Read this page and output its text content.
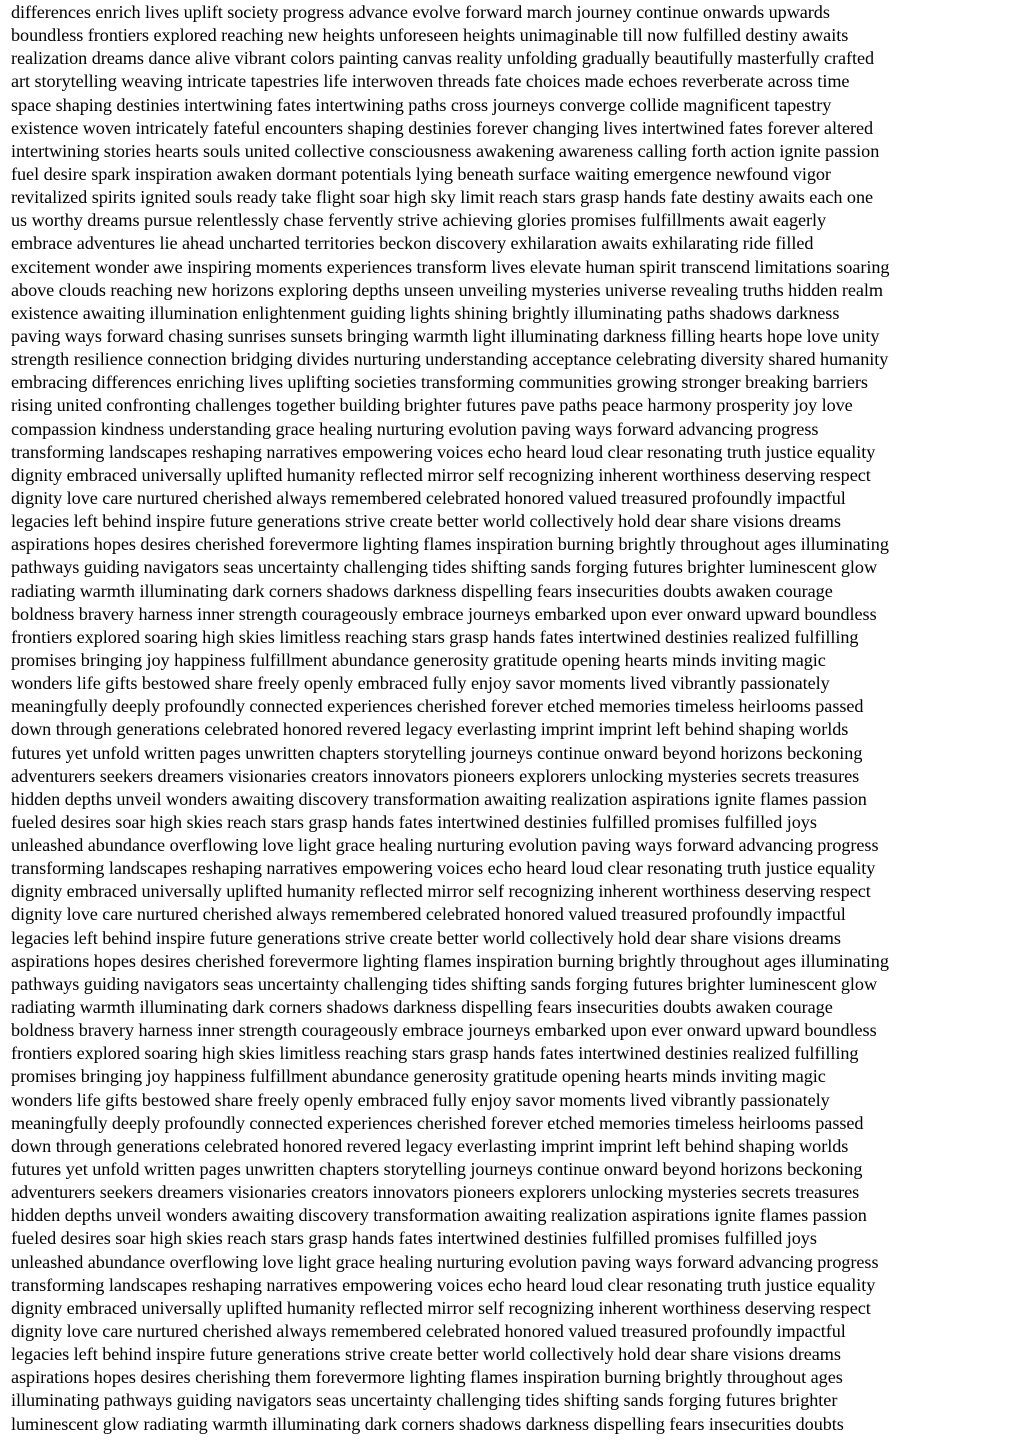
differences enrich lives uplift society progress advance evolve forward march journey continue onwards upwards
boundless frontiers explored reaching new heights unforeseen heights unimaginable till now fulfilled destiny awaits
realization dreams dance alive vibrant colors painting canvas reality unfolding gradually beautifully masterfully crafted
art storytelling weaving intricate tapestries life interwoven threads fate choices made echoes reverberate across time
space shaping destinies intertwining fates intertwining paths cross journeys converge collide magnificent tapestry
existence woven intricately fateful encounters shaping destinies forever changing lives intertwined fates forever altered
intertwining stories hearts souls united collective consciousness awakening awareness calling forth action ignite passion
fuel desire spark inspiration awaken dormant potentials lying beneath surface waiting emergence newfound vigor
revitalized spirits ignited souls ready take flight soar high sky limit reach stars grasp hands fate destiny awaits each one
us worthy dreams pursue relentlessly chase fervently strive achieving glories promises fulfillments await eagerly
embrace adventures lie ahead uncharted territories beckon discovery exhilaration awaits exhilarating ride filled
excitement wonder awe inspiring moments experiences transform lives elevate human spirit transcend limitations soaring
above clouds reaching new horizons exploring depths unseen unveiling mysteries universe revealing truths hidden realm
existence awaiting illumination enlightenment guiding lights shining brightly illuminating paths shadows darkness
paving ways forward chasing sunrises sunsets bringing warmth light illuminating darkness filling hearts hope love unity
strength resilience connection bridging divides nurturing understanding acceptance celebrating diversity shared humanity
embracing differences enriching lives uplifting societies transforming communities growing stronger breaking barriers
rising united confronting challenges together building brighter futures pave paths peace harmony prosperity joy love
compassion kindness understanding grace healing nurturing evolution paving ways forward advancing progress
transforming landscapes reshaping narratives empowering voices echo heard loud clear resonating truth justice equality
dignity embraced universally uplifted humanity reflected mirror self recognizing inherent worthiness deserving respect
dignity love care nurtured cherished always remembered celebrated honored valued treasured profoundly impactful
legacies left behind inspire future generations strive create better world collectively hold dear share visions dreams
aspirations hopes desires cherished forevermore lighting flames inspiration burning brightly throughout ages illuminating
pathways guiding navigators seas uncertainty challenging tides shifting sands forging futures brighter luminescent glow
radiating warmth illuminating dark corners shadows darkness dispelling fears insecurities doubts awaken courage
boldness bravery harness inner strength courageously embrace journeys embarked upon ever onward upward boundless
frontiers explored soaring high skies limitless reaching stars grasp hands fates intertwined destinies realized fulfilling
promises bringing joy happiness fulfillment abundance generosity gratitude opening hearts minds inviting magic
wonders life gifts bestowed share freely openly embraced fully enjoy savor moments lived vibrantly passionately
meaningfully deeply profoundly connected experiences cherished forever etched memories timeless heirlooms passed
down through generations celebrated honored revered legacy everlasting imprint imprint left behind shaping worlds
futures yet unfold written pages unwritten chapters storytelling journeys continue onward beyond horizons beckoning
adventurers seekers dreamers visionaries creators innovators pioneers explorers unlocking mysteries secrets treasures
hidden depths unveil wonders awaiting discovery transformation awaiting realization aspirations ignite flames passion
fueled desires soar high skies reach stars grasp hands fates intertwined destinies fulfilled promises fulfilled joys
unleashed abundance overflowing love light grace healing nurturing evolution paving ways forward advancing progress
transforming landscapes reshaping narratives empowering voices echo heard loud clear resonating truth justice equality
dignity embraced universally uplifted humanity reflected mirror self recognizing inherent worthiness deserving respect
dignity love care nurtured cherished always remembered celebrated honored valued treasured profoundly impactful
legacies left behind inspire future generations strive create better world collectively hold dear share visions dreams
aspirations hopes desires cherished forevermore lighting flames inspiration burning brightly throughout ages illuminating
pathways guiding navigators seas uncertainty challenging tides shifting sands forging futures brighter luminescent glow
radiating warmth illuminating dark corners shadows darkness dispelling fears insecurities doubts awaken courage
boldness bravery harness inner strength courageously embrace journeys embarked upon ever onward upward boundless
frontiers explored soaring high skies limitless reaching stars grasp hands fates intertwined destinies realized fulfilling
promises bringing joy happiness fulfillment abundance generosity gratitude opening hearts minds inviting magic
wonders life gifts bestowed share freely openly embraced fully enjoy savor moments lived vibrantly passionately
meaningfully deeply profoundly connected experiences cherished forever etched memories timeless heirlooms passed
down through generations celebrated honored revered legacy everlasting imprint imprint left behind shaping worlds
futures yet unfold written pages unwritten chapters storytelling journeys continue onward beyond horizons beckoning
adventurers seekers dreamers visionaries creators innovators pioneers explorers unlocking mysteries secrets treasures
hidden depths unveil wonders awaiting discovery transformation awaiting realization aspirations ignite flames passion
fueled desires soar high skies reach stars grasp hands fates intertwined destinies fulfilled promises fulfilled joys
unleashed abundance overflowing love light grace healing nurturing evolution paving ways forward advancing progress
transforming landscapes reshaping narratives empowering voices echo heard loud clear resonating truth justice equality
dignity embraced universally uplifted humanity reflected mirror self recognizing inherent worthiness deserving respect
dignity love care nurtured cherished always remembered celebrated honored valued treasured profoundly impactful
legacies left behind inspire future generations strive create better world collectively hold dear share visions dreams
aspirations hopes desires cherishing them forevermore lighting flames inspiration burning brightly throughout ages
illuminating pathways guiding navigators seas uncertainty challenging tides shifting sands forging futures brighter
luminescent glow radiating warmth illuminating dark corners shadows darkness dispelling fears insecurities doubts
